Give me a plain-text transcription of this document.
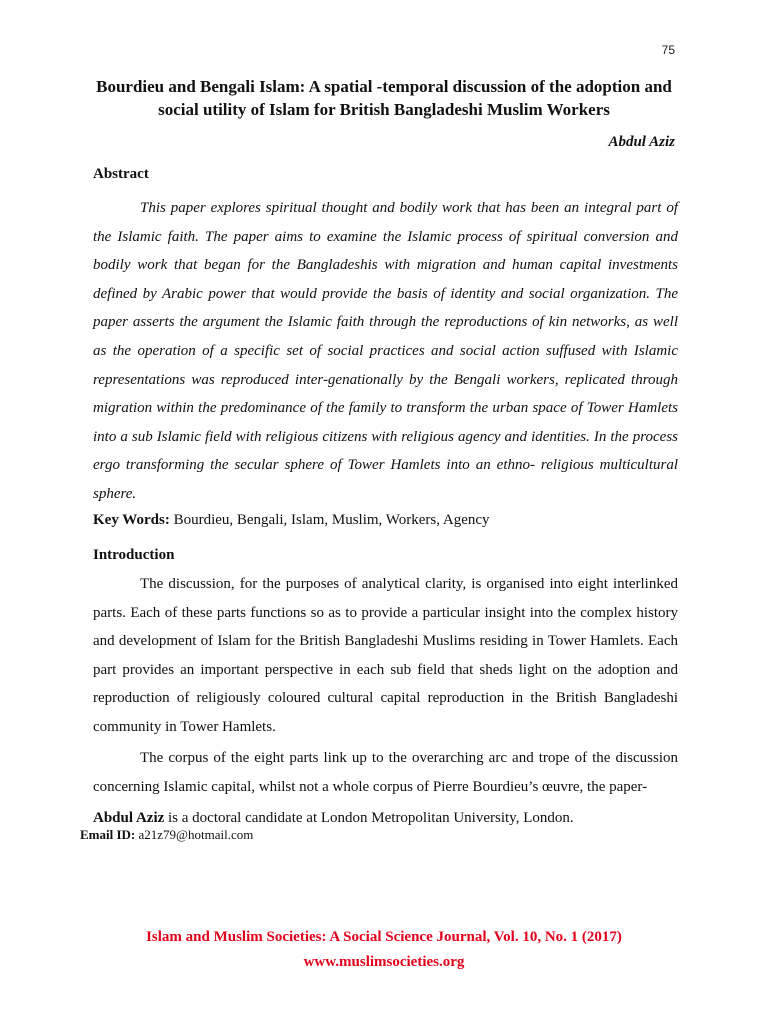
75
Bourdieu and Bengali Islam: A spatial -temporal discussion of the adoption and social utility of Islam for British Bangladeshi Muslim Workers
Abdul Aziz
Abstract
This paper explores spiritual thought and bodily work that has been an integral part of the Islamic faith. The paper aims to examine the Islamic process of spiritual conversion and bodily work that began for the Bangladeshis with migration and human capital investments defined by Arabic power that would provide the basis of identity and social organization. The paper asserts the argument the Islamic faith through the reproductions of kin networks, as well as the operation of a specific set of social practices and social action suffused with Islamic representations was reproduced inter-genationally by the Bengali workers, replicated through migration within the predominance of the family to transform the urban space of Tower Hamlets into a sub Islamic field with religious citizens with religious agency and identities. In the process ergo transforming the secular sphere of Tower Hamlets into an ethno- religious multicultural sphere.
Key Words: Bourdieu, Bengali, Islam, Muslim, Workers, Agency
Introduction
The discussion, for the purposes of analytical clarity, is organised into eight interlinked parts. Each of these parts functions so as to provide a particular insight into the complex history and development of Islam for the British Bangladeshi Muslims residing in Tower Hamlets. Each part provides an important perspective in each sub field that sheds light on the adoption and reproduction of religiously coloured cultural capital reproduction in the British Bangladeshi community in Tower Hamlets.
The corpus of the eight parts link up to the overarching arc and trope of the discussion concerning Islamic capital, whilst not a whole corpus of Pierre Bourdieu’s œuvre, the paper-
Abdul Aziz is a doctoral candidate at London Metropolitan University, London.
Email ID: a21z79@hotmail.com
Islam and Muslim Societies: A Social Science Journal, Vol. 10, No. 1 (2017)
www.muslimsocieties.org
